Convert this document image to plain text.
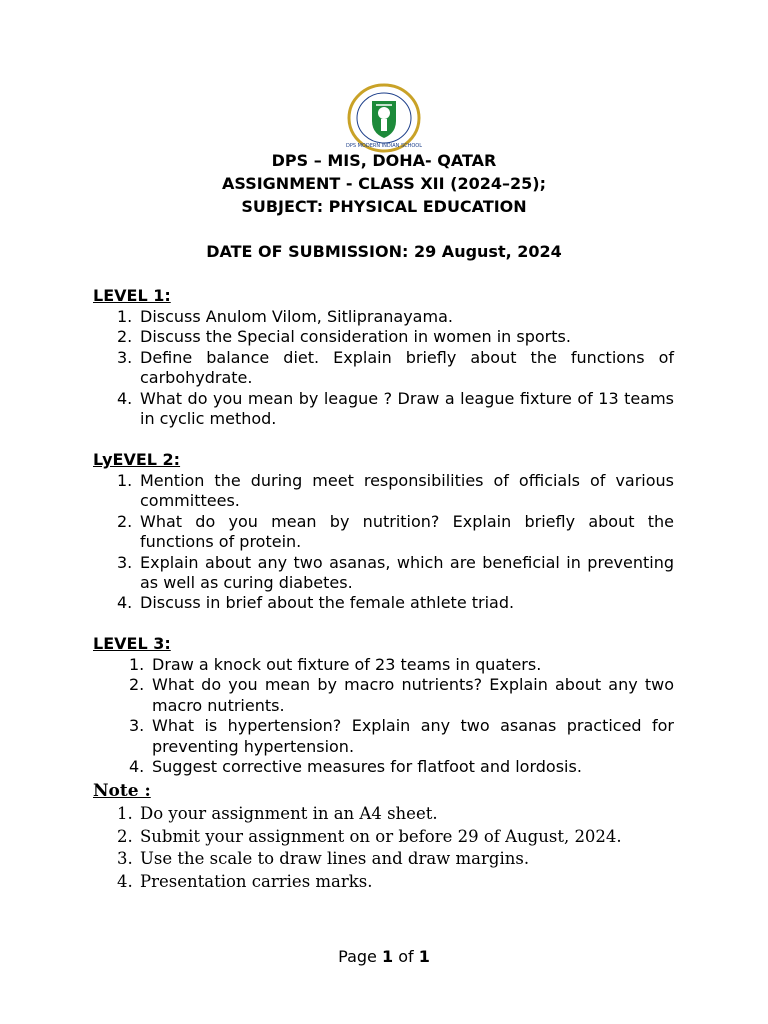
DPS MODERN INDIAN SCHOOL
DPS – MIS, DOHA- QATAR
ASSIGNMENT - CLASS XII (2024–25);
SUBJECT: PHYSICAL EDUCATION
DATE OF SUBMISSION: 29 August, 2024
LEVEL 1:
1. Discuss Anulom Vilom, Sitlipranayama.
2. Discuss the Special consideration in women in sports.
3. Define balance diet. Explain briefly about the functions of carbohydrate.
4. What do you mean by league ? Draw a league fixture of 13 teams in cyclic method.
LyEVEL 2:
1. Mention the during meet responsibilities of officials of various committees.
2. What do you mean by nutrition? Explain briefly about the functions of protein.
3. Explain about any two asanas, which are beneficial in preventing as well as curing diabetes.
4. Discuss in brief about the female athlete triad.
LEVEL 3:
1. Draw a knock out fixture of 23 teams in quaters.
2. What do you mean by macro nutrients? Explain about any two macro nutrients.
3. What is hypertension? Explain any two asanas practiced for preventing hypertension.
4. Suggest corrective measures for flatfoot and lordosis.
Note :
1. Do your assignment in an A4 sheet.
2. Submit your assignment on or before 29 of August, 2024.
3. Use the scale to draw lines and draw margins.
4. Presentation carries marks.
Page 1 of 1
